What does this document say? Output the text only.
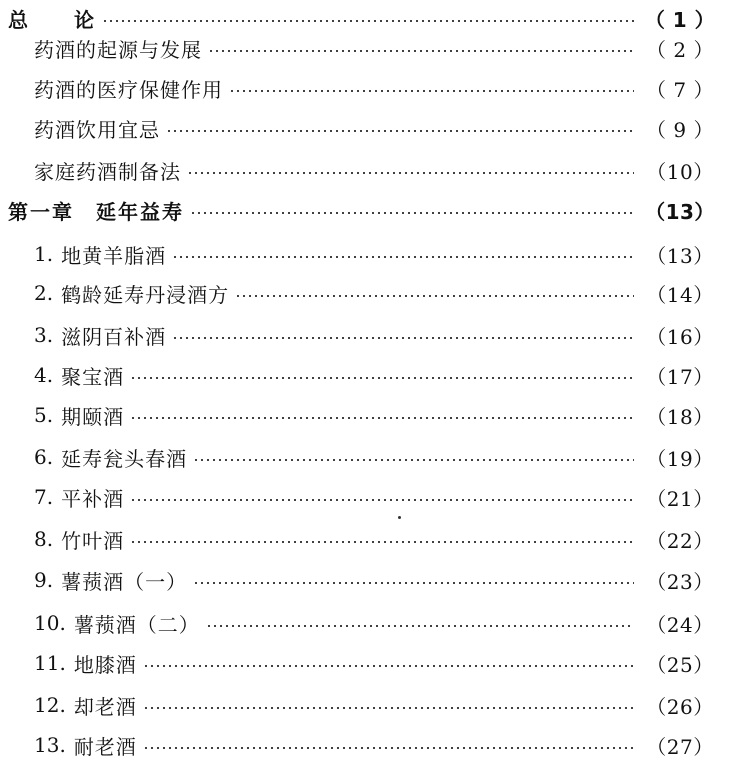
总　　论	（ 1 ）
药酒的起源与发展	（ 2 ）
药酒的医疗保健作用	（ 7 ）
药酒饮用宜忌	（ 9 ）
家庭药酒制备法	（10）
第一章　延年益寿	（13）
1. 地黄羊脂酒	（13）
2. 鹤龄延寿丹浸酒方	（14）
3. 滋阴百补酒	（16）
4. 聚宝酒	（17）
5. 期颐酒	（18）
6. 延寿瓮头春酒	（19）
7. 平补酒	（21）
8. 竹叶酒	（22）
9. 薯蓣酒（一）	（23）
10. 薯蓣酒（二）	（24）
11. 地膝酒	（25）
12. 却老酒	（26）
13. 耐老酒	（27）
